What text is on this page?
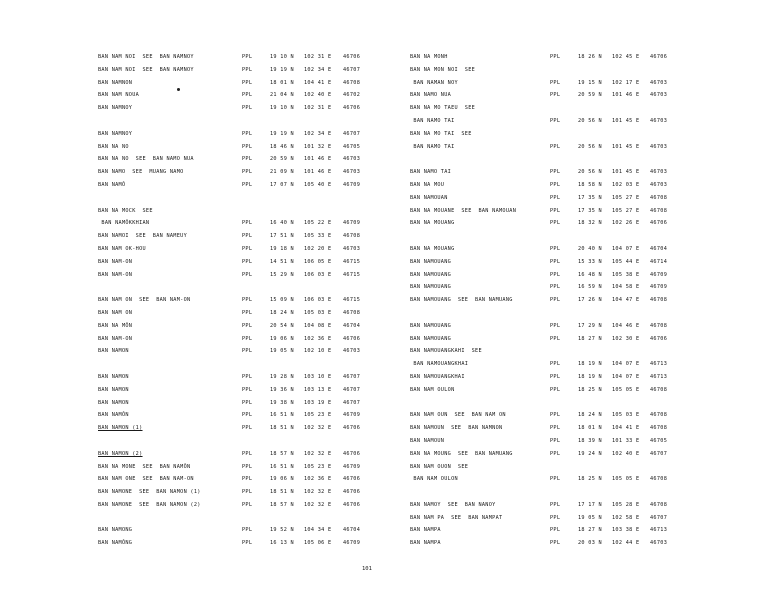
BAN NAM NOI  SEE  BAN NAMNOY	PPL	19 10 N 102 31 E 46706
BAN NAM NOI  SEE  BAN NAMNOY	PPL	19 19 N 102 34 E 46707
BAN NAMNON	PPL	18 01 N 104 41 E 46708
BAN NAM NOUA	PPL	21 04 N 102 40 E 46702
BAN NAMNOY	PPL	19 10 N 102 31 E 46706
BAN NAMNOY	PPL	19 19 N 102 34 E 46707
BAN NA NO	PPL	18 46 N 101 32 E 46705
BAN NA NO  SEE  BAN NAMO NUA	PPL	20 59 N 101 46 E 46703
BAN NAMO  SEE  MUANG NAMO	PPL	21 09 N 101 46 E 46703
BAN NAMÔ	PPL	17 07 N 105 40 E 46709
BAN NA MOCK  SEE
BAN NAMÔKKHIAN	PPL	16 40 N 105 22 E 46709
BAN NAMOI  SEE  BAN NAMEUY	PPL	17 51 N 105 33 E 46708
BAN NAM OK-HOU	PPL	19 18 N 102 20 E 46703
BAN NAM-ON	PPL	14 51 N 106 05 E 46715
BAN NAM-ON	PPL	15 29 N 106 03 E 46715
BAN NAM ON  SEE  BAN NAM-ON	PPL	15 09 N 106 03 E 46715
BAN NAM ON	PPL	18 24 N 105 03 E 46708
BAN NA MÔN	PPL	20 54 N 104 08 E 46704
BAN NAM-ON	PPL	19 06 N 102 36 E 46706
BAN NAMON	PPL	19 05 N 102 10 E 46703
BAN NAMON	PPL	19 28 N 103 10 E 46707
BAN NAMON	PPL	19 36 N 103 13 E 46707
BAN NAMON	PPL	19 38 N 103 19 E 46707
BAN NAMÔN	PPL	16 51 N 105 23 E 46709
BAN NAMON (1)	PPL	18 51 N 102 32 E 46706
BAN NAMON (2)	PPL	18 57 N 102 32 E 46706
BAN NA MONE  SEE  BAN NAMÔN	PPL	16 51 N 105 23 E 46709
BAN NAM ONE  SEE  BAN NAM-ON	PPL	19 06 N 102 36 E 46706
BAN NAMONE  SEE  BAN NAMON (1)	PPL	18 51 N 102 32 E 46706
BAN NAMONE  SEE  BAN NAMON (2)	PPL	18 57 N 102 32 E 46706
BAN NAMONG	PPL	19 52 N 104 34 E 46704
BAN NAMÔNG	PPL	16 13 N 105 06 E 46709
BAN NA MONH	PPL	18 26 N 102 45 E 46706
BAN NA MON NOI  SEE
BAN NAMAN NOY	PPL	19 15 N 102 17 E 46703
BAN NAMO NUA	PPL	20 59 N 101 46 E 46703
BAN NA MO TAEU  SEE
BAN NAMO TAI	PPL	20 56 N 101 45 E 46703
BAN NA MO TAI  SEE
BAN NAMO TAI	PPL	20 56 N 101 45 E 46703
BAN NAMO TAI	PPL	20 56 N 101 45 E 46703
BAN NA MOU	PPL	18 58 N 102 03 E 46703
BAN NAMOUAN	PPL	17 35 N 105 27 E 46708
BAN NA MOUANE  SEE  BAN NAMOUAN	PPL	17 35 N 105 27 E 46708
BAN NA MOUANG	PPL	18 32 N 102 26 E 46706
BAN NA MOUANG	PPL	20 40 N 104 07 E 46704
BAN NAMOUANG	PPL	15 33 N 105 44 E 46714
BAN NAMOUANG	PPL	16 48 N 105 38 E 46709
BAN NAMOUANG	PPL	16 59 N 104 58 E 46709
BAN NAMOUANG  SEE  BAN NAMUANG	PPL	17 26 N 104 47 E 46708
BAN NAMOUANG	PPL	17 29 N 104 46 E 46708
BAN NAMOUANG	PPL	18 27 N 102 30 E 46706
BAN NAMOUANGKAHI  SEE
BAN NAMOUANGKHAI	PPL	18 19 N 104 07 E 46713
BAN NAMOUANGKHAI	PPL	18 19 N 104 07 E 46713
BAN NAM OULON	PPL	18 25 N 105 05 E 46708
BAN NAM OUN  SEE  BAN NAM ON	PPL	18 24 N 105 03 E 46708
BAN NAMOUN  SEE  BAN NAMNON	PPL	18 01 N 104 41 E 46708
BAN NAMOUN	PPL	18 39 N 101 33 E 46705
BAN NA MOUNG  SEE  BAN NAMUANG	PPL	19 24 N 102 40 E 46707
BAN NAM OUON  SEE
BAN NAM OULON	PPL	18 25 N 105 05 E 46708
BAN NAMOY  SEE  BAN NANOY	PPL	17 17 N 105 28 E 46708
BAN NAM PA  SEE  BAN NAMPAT	PPL	19 05 N 102 58 E 46707
BAN NAMPA	PPL	18 27 N 103 38 E 46713
BAN NAMPA	PPL	20 03 N 102 44 E 46703
101
